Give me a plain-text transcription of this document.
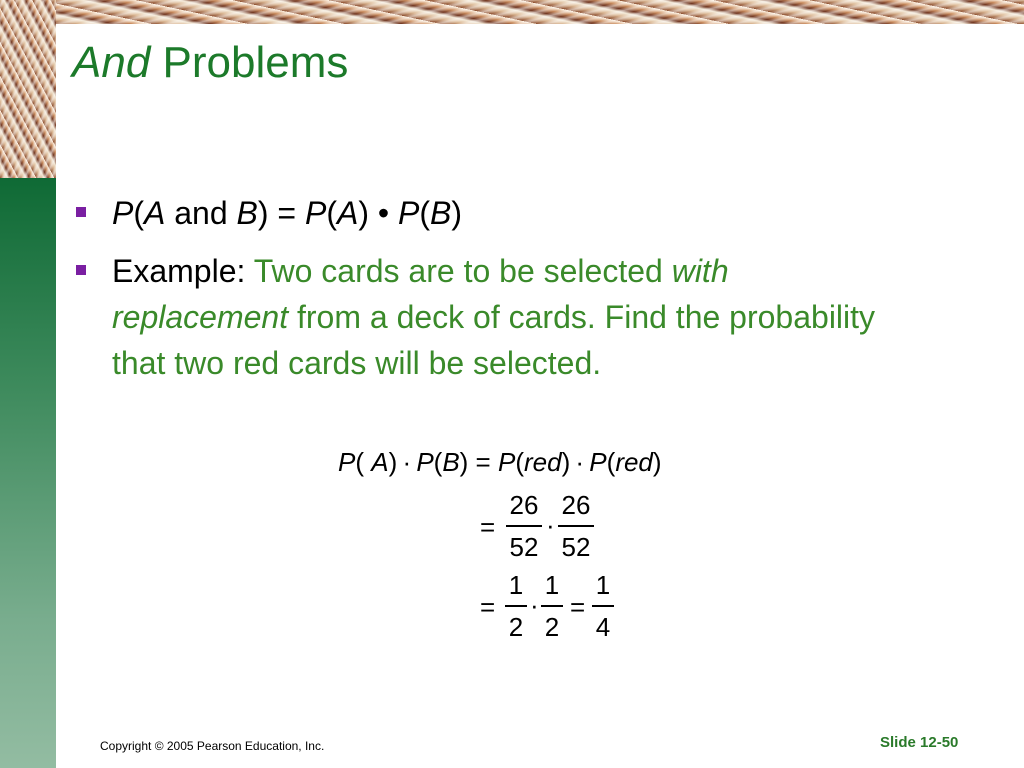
And Problems
P(A and B) = P(A) • P(B)
Example: Two cards are to be selected with replacement from a deck of cards. Find the probability that two red cards will be selected.
P( A) · P(B) = P(red) · P(red)
=
26
52
·
26
52
=
1
2
·
1
2
=
1
4
Copyright © 2005 Pearson Education, Inc.	Slide 12-50
